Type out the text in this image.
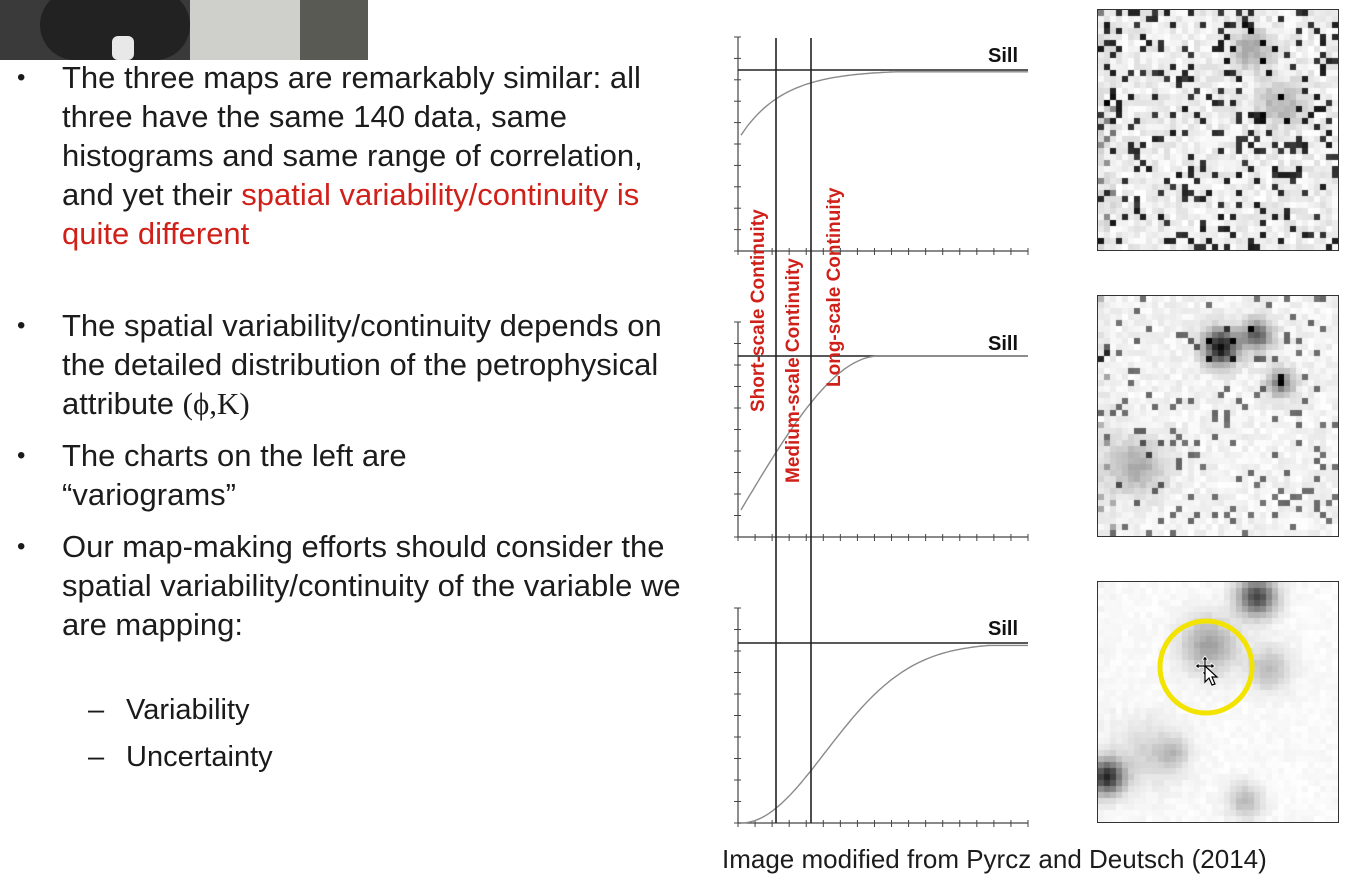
• The three maps are remarkably similar: all three have the same 140 data, same histograms and same range of correlation, and yet their spatial variability/continuity is quite different
• The spatial variability/continuity depends on the detailed distribution of the petrophysical attribute (ϕ,K)
• The charts on the left are “variograms”
• Our map-making efforts should consider the spatial variability/continuity of the variable we are mapping:
– Variability
– Uncertainty
Sill
Sill
Sill
Short-scale Continuity Medium-scale Continuity Long-scale Continuity
Image modified from Pyrcz and Deutsch (2014)
